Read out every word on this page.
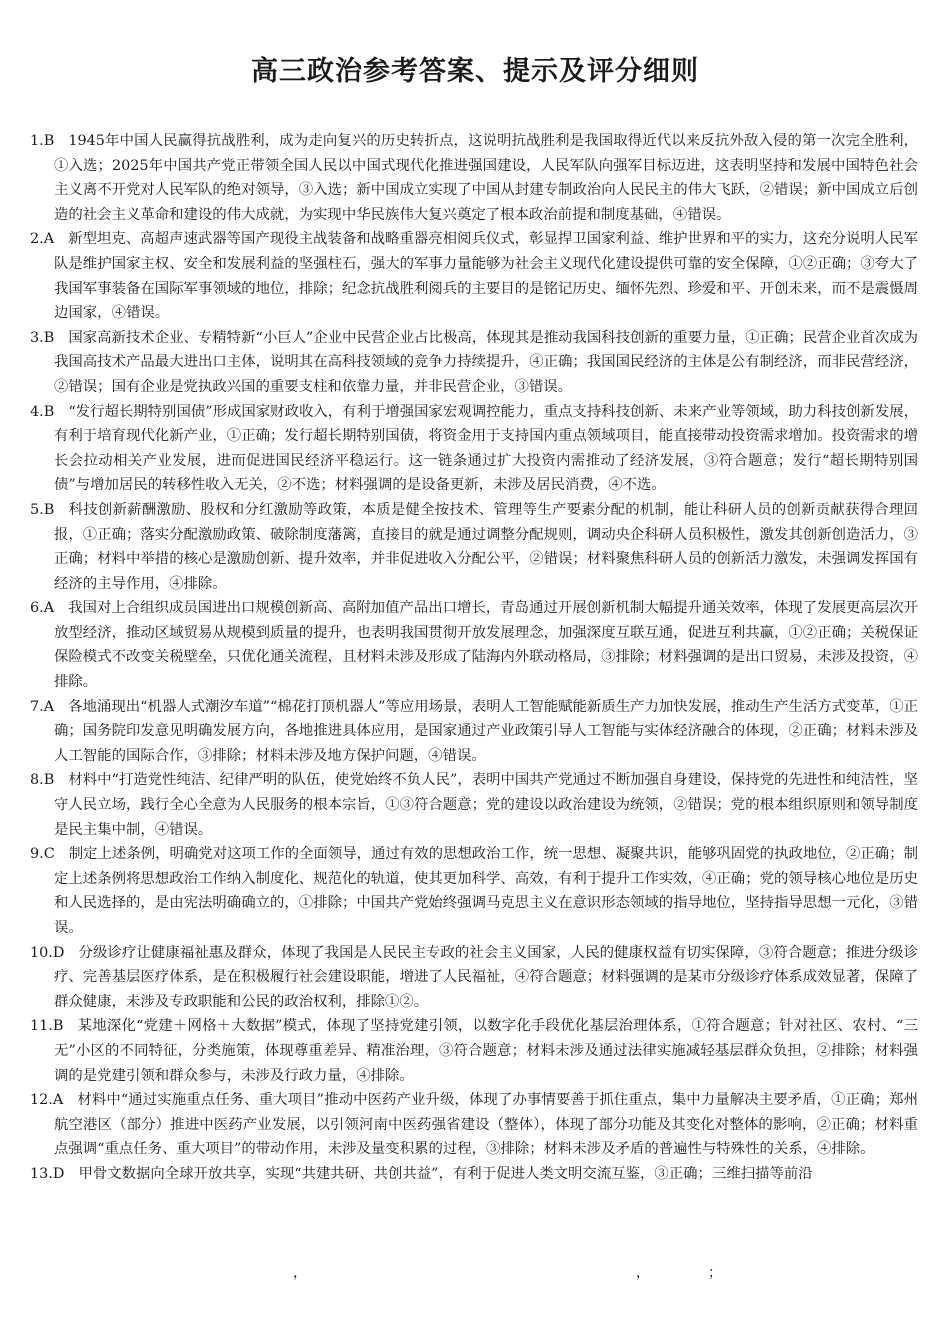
高三政治参考答案、提示及评分细则
1.B 1945年中国人民赢得抗战胜利，成为走向复兴的历史转折点，这说明抗战胜利是我国取得近代以来反抗外敌入侵的第一次完全胜利，①入选；2025年中国共产党正带领全国人民以中国式现代化推进强国建设，人民军队向强军目标迈进，这表明坚持和发展中国特色社会主义离不开党对人民军队的绝对领导，③入选；新中国成立实现了中国从封建专制政治向人民民主的伟大飞跃，②错误；新中国成立后创造的社会主义革命和建设的伟大成就，为实现中华民族伟大复兴奠定了根本政治前提和制度基础，④错误。
2.A 新型坦克、高超声速武器等国产现役主战装备和战略重器亮相阅兵仪式，彰显捍卫国家利益、维护世界和平的实力，这充分说明人民军队是维护国家主权、安全和发展利益的坚强柱石，强大的军事力量能够为社会主义现代化建设提供可靠的安全保障，①②正确；③夸大了我国军事装备在国际军事领域的地位，排除；纪念抗战胜利阅兵的主要目的是铭记历史、缅怀先烈、珍爱和平、开创未来，而不是震慑周边国家，④错误。
3.B 国家高新技术企业、专精特新“小巨人”企业中民营企业占比极高，体现其是推动我国科技创新的重要力量，①正确；民营企业首次成为我国高技术产品最大进出口主体，说明其在高科技领域的竞争力持续提升，④正确；我国国民经济的主体是公有制经济，而非民营经济，②错误；国有企业是党执政兴国的重要支柱和依靠力量，并非民营企业，③错误。
4.B “发行超长期特别国债”形成国家财政收入，有利于增强国家宏观调控能力，重点支持科技创新、未来产业等领域，助力科技创新发展，有利于培育现代化新产业，①正确；发行超长期特别国债，将资金用于支持国内重点领域项目，能直接带动投资需求增加。投资需求的增长会拉动相关产业发展，进而促进国民经济平稳运行。这一链条通过扩大投资内需推动了经济发展，③符合题意；发行“超长期特别国债”与增加居民的转移性收入无关，②不选；材料强调的是设备更新，未涉及居民消费，④不选。
5.B 科技创新薪酬激励、股权和分红激励等政策，本质是健全按技术、管理等生产要素分配的机制，能让科研人员的创新贡献获得合理回报，①正确；落实分配激励政策、破除制度藩篱，直接目的就是通过调整分配规则，调动央企科研人员积极性，激发其创新创造活力，③正确；材料中举措的核心是激励创新、提升效率，并非促进收入分配公平，②错误；材料聚焦科研人员的创新活力激发，未强调发挥国有经济的主导作用，④排除。
6.A 我国对上合组织成员国进出口规模创新高、高附加值产品出口增长，青岛通过开展创新机制大幅提升通关效率，体现了发展更高层次开放型经济，推动区域贸易从规模到质量的提升，也表明我国贯彻开放发展理念，加强深度互联互通，促进互利共赢，①②正确；关税保证保险模式不改变关税壁垒，只优化通关流程，且材料未涉及形成了陆海内外联动格局，③排除；材料强调的是出口贸易，未涉及投资，④排除。
7.A 各地涌现出“机器人式潮汐车道”“棉花打顶机器人”等应用场景，表明人工智能赋能新质生产力加快发展，推动生产生活方式变革，①正确；国务院印发意见明确发展方向，各地推进具体应用，是国家通过产业政策引导人工智能与实体经济融合的体现，②正确；材料未涉及人工智能的国际合作，③排除；材料未涉及地方保护问题，④错误。
8.B 材料中“打造党性纯洁、纪律严明的队伍，使党始终不负人民”，表明中国共产党通过不断加强自身建设，保持党的先进性和纯洁性，坚守人民立场，践行全心全意为人民服务的根本宗旨，①③符合题意；党的建设以政治建设为统领，②错误；党的根本组织原则和领导制度是民主集中制，④错误。
9.C 制定上述条例，明确党对这项工作的全面领导，通过有效的思想政治工作，统一思想、凝聚共识，能够巩固党的执政地位，②正确；制定上述条例将思想政治工作纳入制度化、规范化的轨道，使其更加科学、高效，有利于提升工作实效，④正确；党的领导核心地位是历史和人民选择的，是由宪法明确确立的，①排除；中国共产党始终强调马克思主义在意识形态领域的指导地位，坚持指导思想一元化，③错误。
10.D 分级诊疗让健康福祉惠及群众，体现了我国是人民民主专政的社会主义国家，人民的健康权益有切实保障，③符合题意；推进分级诊疗、完善基层医疗体系，是在积极履行社会建设职能，增进了人民福祉，④符合题意；材料强调的是某市分级诊疗体系成效显著，保障了群众健康，未涉及专政职能和公民的政治权利，排除①②。
11.B 某地深化“党建＋网格＋大数据”模式，体现了坚持党建引领，以数字化手段优化基层治理体系，①符合题意；针对社区、农村、“三无”小区的不同特征，分类施策，体现尊重差异、精准治理，③符合题意；材料未涉及通过法律实施减轻基层群众负担，②排除；材料强调的是党建引领和群众参与，未涉及行政力量，④排除。
12.A 材料中“通过实施重点任务、重大项目”推动中医药产业升级，体现了办事情要善于抓住重点，集中力量解决主要矛盾，①正确；郑州航空港区（部分）推进中医药产业发展，以引领河南中医药强省建设（整体），体现了部分功能及其变化对整体的影响，②正确；材料重点强调“重点任务、重大项目”的带动作用，未涉及量变积累的过程，③排除；材料未涉及矛盾的普遍性与特殊性的关系，④排除。
13.D 甲骨文数据向全球开放共享，实现“共建共研、共创共益”，有利于促进人类文明交流互鉴，③正确；三维扫描等前沿
，	，	；
